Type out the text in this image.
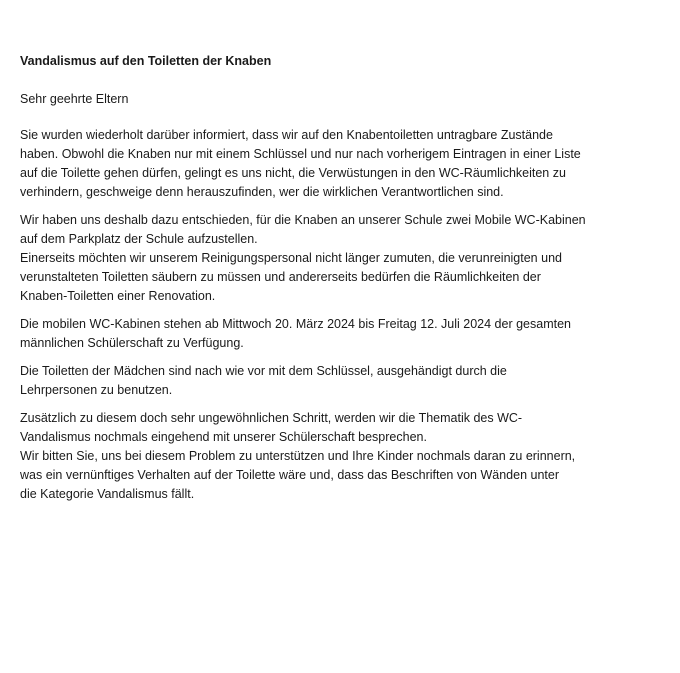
Vandalismus auf den Toiletten der Knaben
Sehr geehrte Eltern
Sie wurden wiederholt darüber informiert, dass wir auf den Knabentoiletten untragbare Zustände
haben. Obwohl die Knaben nur mit einem Schlüssel und nur nach vorherigem Eintragen in einer Liste
auf die Toilette gehen dürfen, gelingt es uns nicht, die Verwüstungen in den WC-Räumlichkeiten zu
verhindern, geschweige denn herauszufinden, wer die wirklichen Verantwortlichen sind.
Wir haben uns deshalb dazu entschieden, für die Knaben an unserer Schule zwei Mobile WC-Kabinen
auf dem Parkplatz der Schule aufzustellen.
Einerseits möchten wir unserem Reinigungspersonal nicht länger zumuten, die verunreinigten und
verunstalteten Toiletten säubern zu müssen und andererseits bedürfen die Räumlichkeiten der
Knaben-Toiletten einer Renovation.
Die mobilen WC-Kabinen stehen ab Mittwoch 20. März 2024 bis Freitag 12. Juli 2024 der gesamten
männlichen Schülerschaft zu Verfügung.
Die Toiletten der Mädchen sind nach wie vor mit dem Schlüssel, ausgehändigt durch die
Lehrpersonen zu benutzen.
Zusätzlich zu diesem doch sehr ungewöhnlichen Schritt, werden wir die Thematik des WC-
Vandalismus nochmals eingehend mit unserer Schülerschaft besprechen.
Wir bitten Sie, uns bei diesem Problem zu unterstützen und Ihre Kinder nochmals daran zu erinnern,
was ein vernünftiges Verhalten auf der Toilette wäre und, dass das Beschriften von Wänden unter
die Kategorie Vandalismus fällt.
